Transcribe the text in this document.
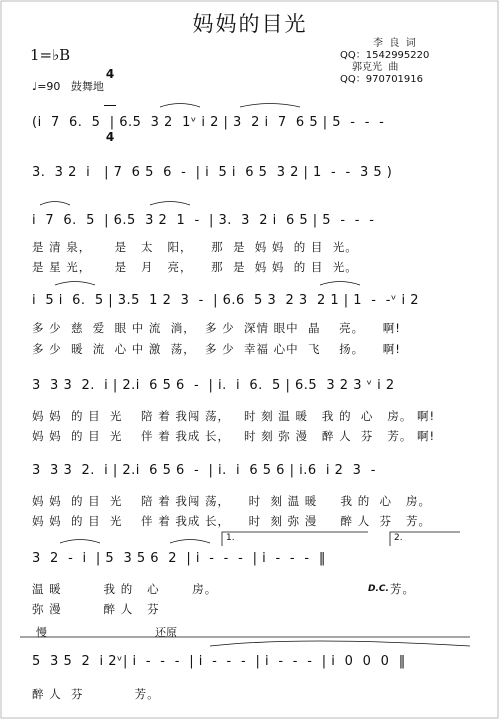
妈妈的目光
李  良  词
QQ：1542995220
郭克光  曲
QQ：970701916
1=♭B

4

4

♩=90   鼓舞地
(i  7  6.  5  | 6.5  3 2  1ᵛ i 2 | 3  2 i  7  6 5 | 5  -  -  -
3.  3 2  i   | 7  6 5  6  -  | i  5 i  6 5  3 2 | 1  -  -  3 5 )
i  7  6.  5  | 6.5  3 2  1  -  | 3.  3  2 i  6 5 | 5  -  -  -
是 清 泉，     是   太   阳，    那  是  妈 妈  的 目  光。
是 星 光，     是   月   亮，    那  是  妈 妈  的 目  光。
i  5 i  6.  5 | 3.5  1 2  3  -  | 6.6  5 3  2 3  2 1 | 1  -  -ᵛ i 2
多 少  慈  爱  眼 中 流  淌，  多 少  深情 眼中  晶    亮。    啊!
多 少  暖  流  心 中 激  荡，  多 少  幸福 心中  飞    扬。    啊!
3  3 3  2.  i | 2.i  6 5 6  -  | i.  i  6.  5 | 6.5  3 2 3 ᵛ i 2
妈 妈  的 目  光    陪 着 我闯 荡，   时 刻 温 暖   我 的  心   房。 啊!
妈 妈  的 目  光    伴 着 我成 长，   时 刻 弥 漫   醉 人  芬   芳。 啊!
3  3 3  2.  i | 2.i  6 5 6  -  | i.  i  6 5 6 | i.6  i 2  3  -
妈 妈  的 目  光    陪 着 我闯 荡，    时  刻 温 暖     我 的  心   房。
妈 妈  的 目  光    伴 着 我成 长，    时  刻 弥 漫     醉 人  芬   芳。
3  2  -  i  | 5  3 5 6  2  | i  -  -  -  | i  -  -  -  ‖
1.	2.
温 暖         我 的   心       房。
弥 漫         醉 人   芬
D.C. 芳。
慢	还原
5  3 5  2  i 2ᵛ| i  -  -  -  | i  -  -  -  | i  -  -  -  | i  0  0  0  ‖
醉 人  芬           芳。
